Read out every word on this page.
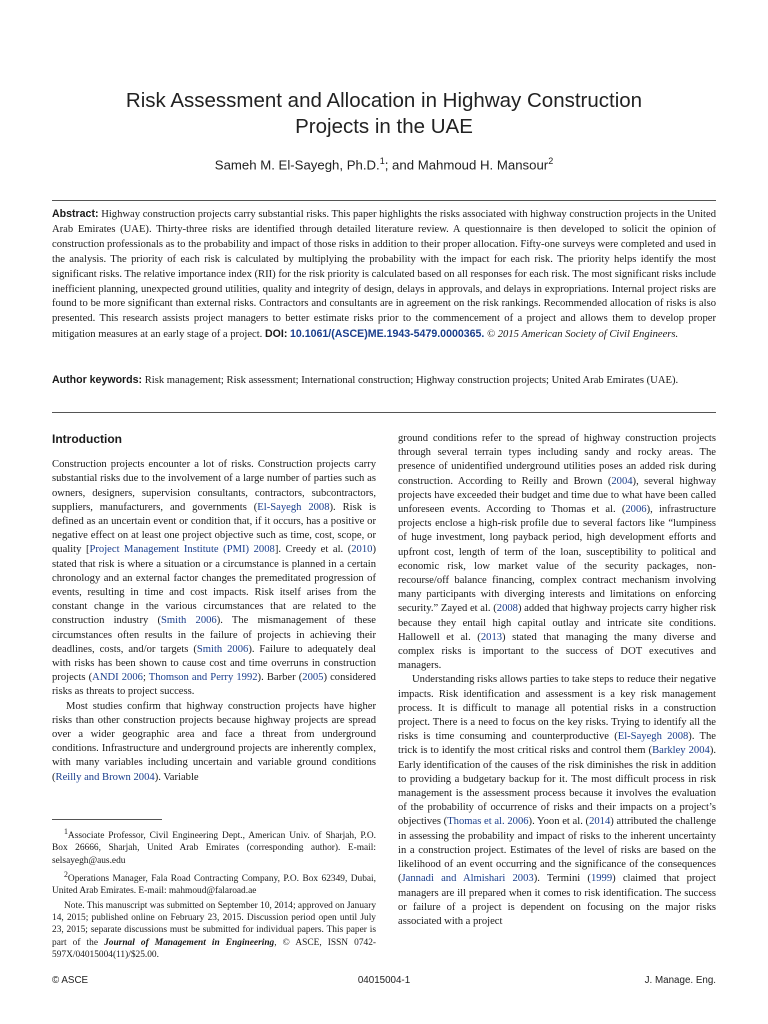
Risk Assessment and Allocation in Highway Construction
Projects in the UAE
Sameh M. El-Sayegh, Ph.D.$^1$; and Mahmoud H. Mansour$^2$
Abstract: Highway construction projects carry substantial risks. This paper highlights the risks associated with highway construction projects in the United Arab Emirates (UAE). Thirty-three risks are identified through detailed literature review. A questionnaire is then developed to solicit the opinion of construction professionals as to the probability and impact of those risks in addition to their proper allocation. Fifty-one surveys were completed and used in the analysis. The priority of each risk is calculated by multiplying the probability with the impact for each risk. The priority helps identify the most significant risks. The relative importance index (RII) for the risk priority is calculated based on all responses for each risk. The most significant risks include inefficient planning, unexpected ground utilities, quality and integrity of design, delays in approvals, and delays in expropriations. Internal project risks are found to be more significant than external risks. Contractors and consultants are in agreement on the risk rankings. Recommended allocation of risks is also presented. This research assists project managers to better estimate risks prior to the commencement of a project and allows them to develop proper mitigation measures at an early stage of a project. DOI: 10.1061/(ASCE)ME.1943-5479.0000365. © 2015 American Society of Civil Engineers.
Author keywords: Risk management; Risk assessment; International construction; Highway construction projects; United Arab Emirates (UAE).
Introduction

Construction projects encounter a lot of risks. Construction projects carry substantial risks due to the involvement of a large number of parties such as owners, designers, supervision consultants, contractors, subcontractors, suppliers, manufacturers, and governments (El-Sayegh 2008). Risk is defined as an uncertain event or condition that, if it occurs, has a positive or negative effect on at least one project objective such as time, cost, scope, or quality [Project Management Institute (PMI) 2008]. Creedy et al. (2010) stated that risk is where a situation or a circumstance is planned in a certain chronology and an external factor changes the premeditated progression of events, resulting in time and cost impacts. Risk itself arises from the constant change in the various circumstances that are related to the construction industry (Smith 2006). The mismanagement of these circumstances often results in the failure of projects in achieving their deadlines, costs, and/or targets (Smith 2006). Failure to adequately deal with risks has been shown to cause cost and time overruns in construction projects (ANDI 2006; Thomson and Perry 1992). Barber (2005) considered risks as threats to project success.

Most studies confirm that highway construction projects have higher risks than other construction projects because highway projects are spread over a wider geographic area and face a threat from underground conditions. Infrastructure and underground projects are inherently complex, with many variables including uncertain and variable ground conditions (Reilly and Brown 2004). Variable

$^1$Associate Professor, Civil Engineering Dept., American Univ. of Sharjah, P.O. Box 26666, Sharjah, United Arab Emirates (corresponding author). E-mail: selsayegh@aus.edu

$^2$Operations Manager, Fala Road Contracting Company, P.O. Box 62349, Dubai, United Arab Emirates. E-mail: mahmoud@falaroad.ae

Note. This manuscript was submitted on September 10, 2014; approved on January 14, 2015; published online on February 23, 2015. Discussion period open until July 23, 2015; separate discussions must be submitted for individual papers. This paper is part of the Journal of Management in Engineering, © ASCE, ISSN 0742-597X/04015004(11)/$25.00.

ground conditions refer to the spread of highway construction projects through several terrain types including sandy and rocky areas. The presence of unidentified underground utilities poses an added risk during construction. According to Reilly and Brown (2004), several highway projects have exceeded their budget and time due to what have been called unforeseen events. According to Thomas et al. (2006), infrastructure projects enclose a high-risk profile due to several factors like “lumpiness of huge investment, long payback period, high development efforts and upfront cost, length of term of the loan, susceptibility to political and economic risk, low market value of the security packages, non-recourse/off balance financing, complex contract mechanism involving many participants with diverging interests and limitations on enforcing security.” Zayed et al. (2008) added that highway projects carry higher risk because they entail high capital outlay and intricate site conditions. Hallowell et al. (2013) stated that managing the many diverse and complex risks is important to the success of DOT executives and managers.

Understanding risks allows parties to take steps to reduce their negative impacts. Risk identification and assessment is a key risk management process. It is difficult to manage all potential risks in a construction project. There is a need to focus on the key risks. Trying to identify all the risks is time consuming and counterproductive (El-Sayegh 2008). The trick is to identify the most critical risks and control them (Barkley 2004). Early identification of the causes of the risk diminishes the risk in addition to providing a budgetary backup for it. The most difficult process in risk management is the assessment process because it involves the evaluation of the probability of occurrence of risks and their impacts on a project’s objectives (Thomas et al. 2006). Yoon et al. (2014) attributed the challenge in assessing the probability and impact of risks to the inherent uncertainty in a construction project. Estimates of the level of risks are based on the likelihood of an event occurring and the significance of the consequences (Jannadi and Almishari 2003). Termini (1999) claimed that project managers are ill prepared when it comes to risk identification. The success or failure of a project is dependent on focusing on the major risks associated with a project

© ASCE	04015004-1	J. Manage. Eng.
